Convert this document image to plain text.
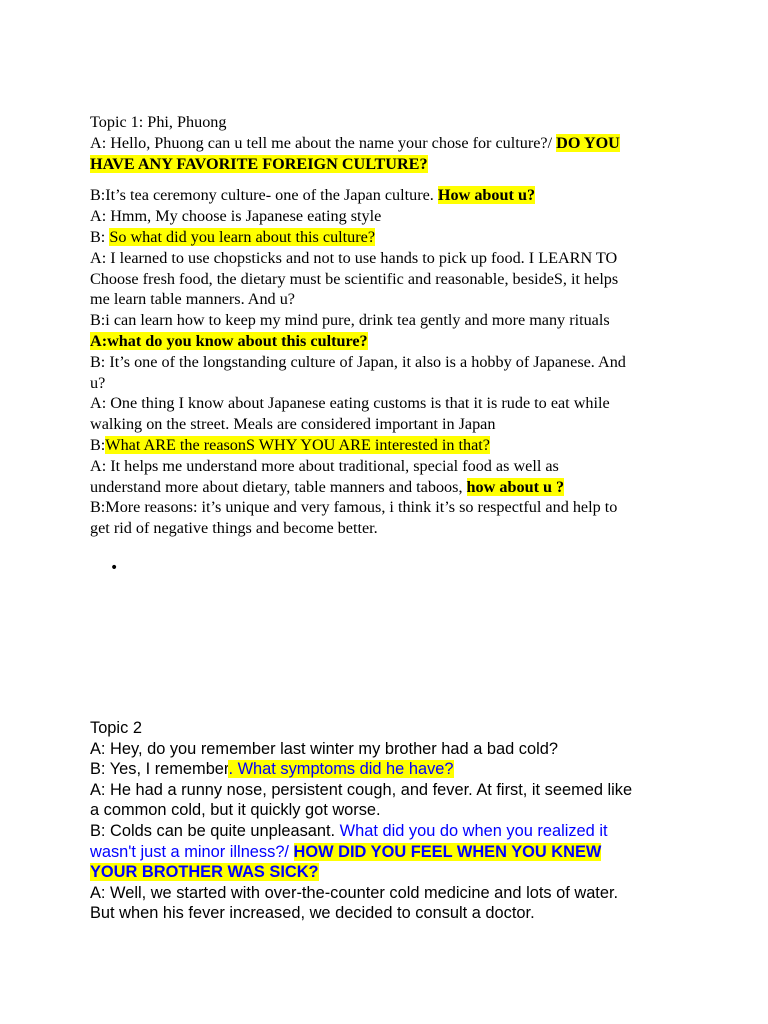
Topic 1: Phi, Phuong

A: Hello, Phuong can u tell me about the name your chose for culture?/ DO YOU

HAVE ANY FAVORITE FOREIGN CULTURE?

B:It’s tea ceremony culture- one of the Japan culture. How about u?

A: Hmm, My choose is Japanese eating style

B: So what did you learn about this culture?

A: I learned to use chopsticks and not to use hands to pick up food. I LEARN TO

Choose fresh food, the dietary must be scientific and reasonable, besideS, it helps

me learn table manners. And u?

B:i can learn how to keep my mind pure, drink tea gently and more many rituals

A:what do you know about this culture?

B: It’s one of the longstanding culture of Japan, it also is a hobby of Japanese. And

u?

A: One thing I know about Japanese eating customs is that it is rude to eat while

walking on the street. Meals are considered important in Japan

B:What ARE the reasonS WHY YOU ARE interested in that?

A: It helps me understand more about traditional, special food as well as

understand more about dietary, table manners and taboos, how about u ?

B:More reasons: it’s unique and very famous, i think it’s so respectful and help to

get rid of negative things and become better.

•

Topic 2

A: Hey, do you remember last winter my brother had a bad cold?

B: Yes, I remember. What symptoms did he have?

A: He had a runny nose, persistent cough, and fever. At first, it seemed like

a common cold, but it quickly got worse.

B: Colds can be quite unpleasant. What did you do when you realized it

wasn't just a minor illness?/ HOW DID YOU FEEL WHEN YOU KNEW

YOUR BROTHER WAS SICK?

A: Well, we started with over-the-counter cold medicine and lots of water.

But when his fever increased, we decided to consult a doctor.
